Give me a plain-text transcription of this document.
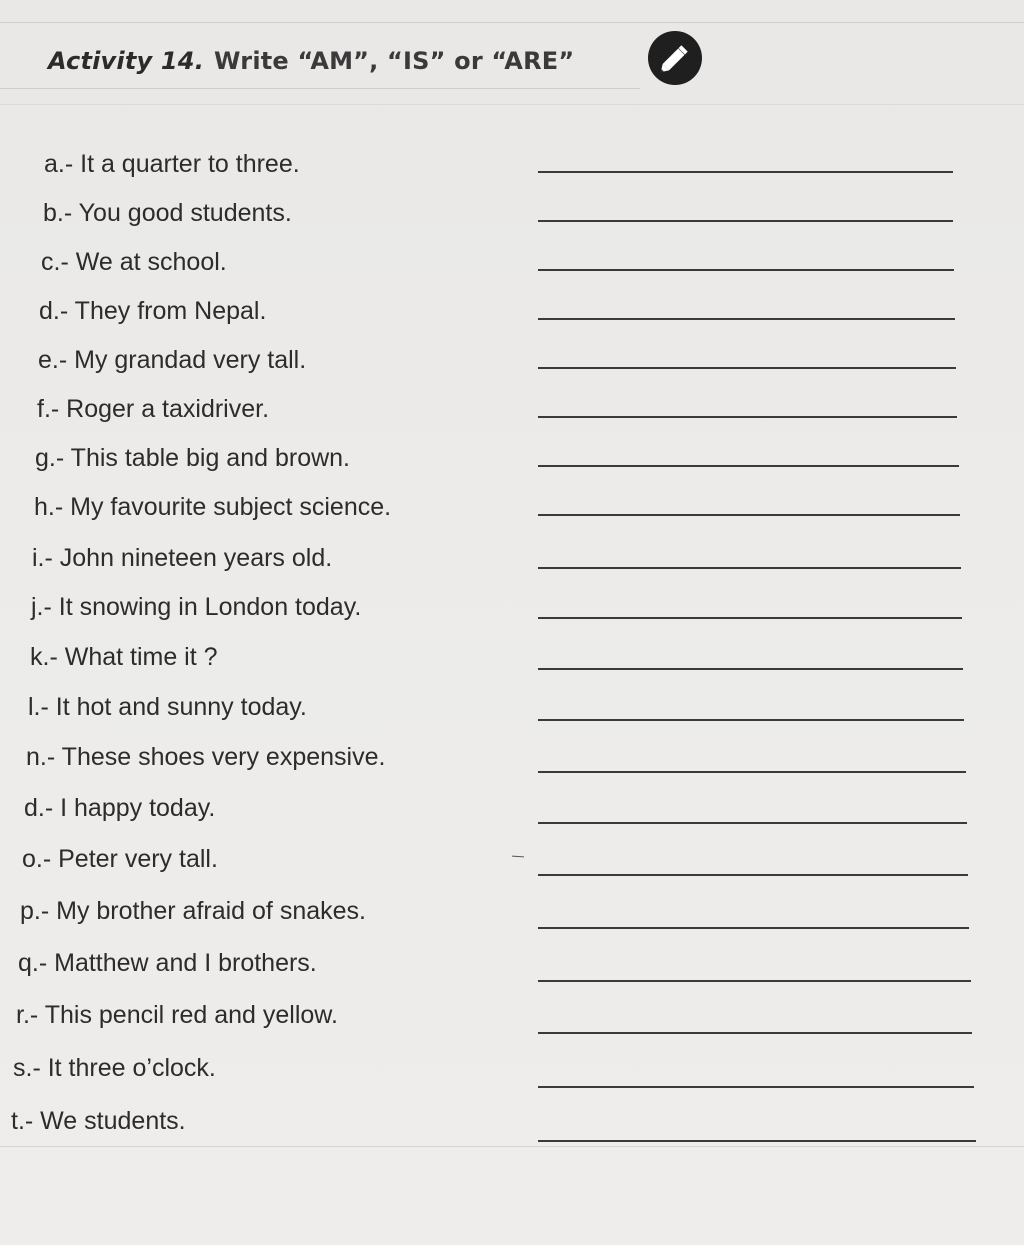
Activity 14. Write “AM”, “IS” or “ARE”
a.- It a quarter to three.
b.- You good students.
c.- We at school.
d.- They from Nepal.
e.- My grandad very tall.
f.- Roger a taxidriver.
g.- This table big and brown.
h.- My favourite subject science.
i.- John nineteen years old.
j.- It snowing in London today.
k.- What time it ?
l.- It hot and sunny today.
n.- These shoes very expensive.
d.- I happy today.
o.- Peter very tall.
p.- My brother afraid of snakes.
q.- Matthew and I brothers.
r.- This pencil red and yellow.
s.- It three o’clock.
t.- We students.
